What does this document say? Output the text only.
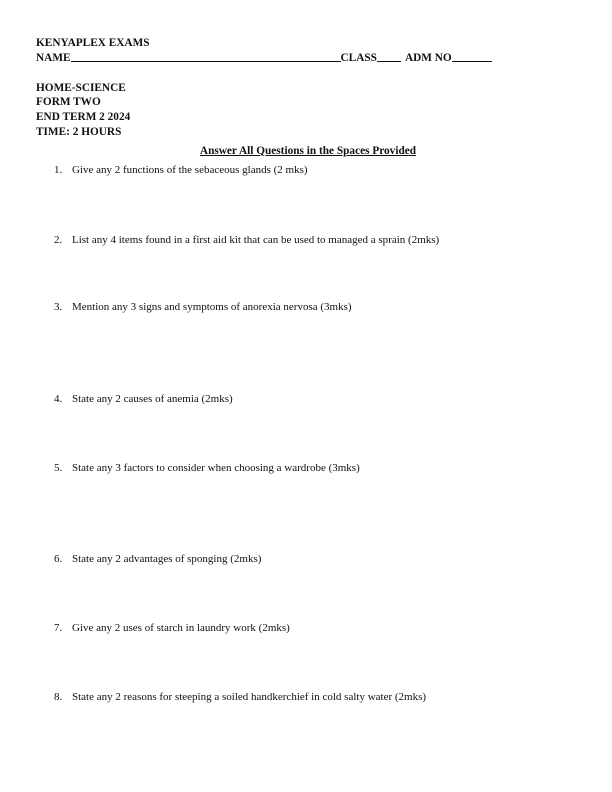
KENYAPLEX EXAMS
NAME	CLASS ADM NO
HOME-SCIENCE
FORM TWO
END TERM 2 2024
TIME: 2 HOURS
Answer All Questions in the Spaces Provided
1. Give any 2 functions of the sebaceous glands (2 mks)
2. List any 4 items found in a first aid kit that can be used to managed a sprain (2mks)
3. Mention any 3 signs and symptoms of anorexia nervosa (3mks)
4. State any 2 causes of anemia (2mks)
5. State any 3 factors to consider when choosing a wardrobe (3mks)
6. State any 2 advantages of sponging (2mks)
7. Give any 2 uses of starch in laundry work (2mks)
8. State any 2 reasons for steeping a soiled handkerchief in cold salty water (2mks)
